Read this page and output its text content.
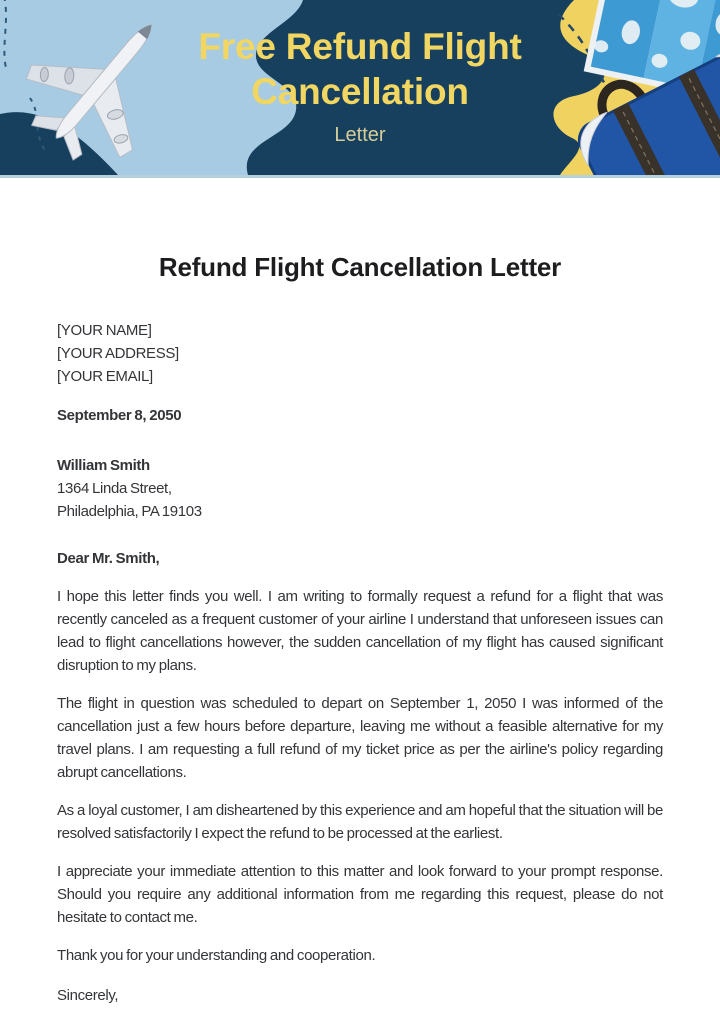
Free Refund Flight Cancellation
Letter
Refund Flight Cancellation Letter
[YOUR NAME]
[YOUR ADDRESS]
[YOUR EMAIL]
September 8, 2050
William Smith
1364 Linda Street,
Philadelphia, PA 19103
Dear Mr. Smith,

I hope this letter finds you well. I am writing to formally request a refund for a flight that was recently canceled as a frequent customer of your airline I understand that unforeseen issues can lead to flight cancellations however, the sudden cancellation of my flight has caused significant disruption to my plans.

The flight in question was scheduled to depart on September 1, 2050 I was informed of the cancellation just a few hours before departure, leaving me without a feasible alternative for my travel plans. I am requesting a full refund of my ticket price as per the airline's policy regarding abrupt cancellations.

As a loyal customer, I am disheartened by this experience and am hopeful that the situation will be resolved satisfactorily I expect the refund to be processed at the earliest.

I appreciate your immediate attention to this matter and look forward to your prompt response. Should you require any additional information from me regarding this request, please do not hesitate to contact me.

Thank you for your understanding and cooperation.

Sincerely,
